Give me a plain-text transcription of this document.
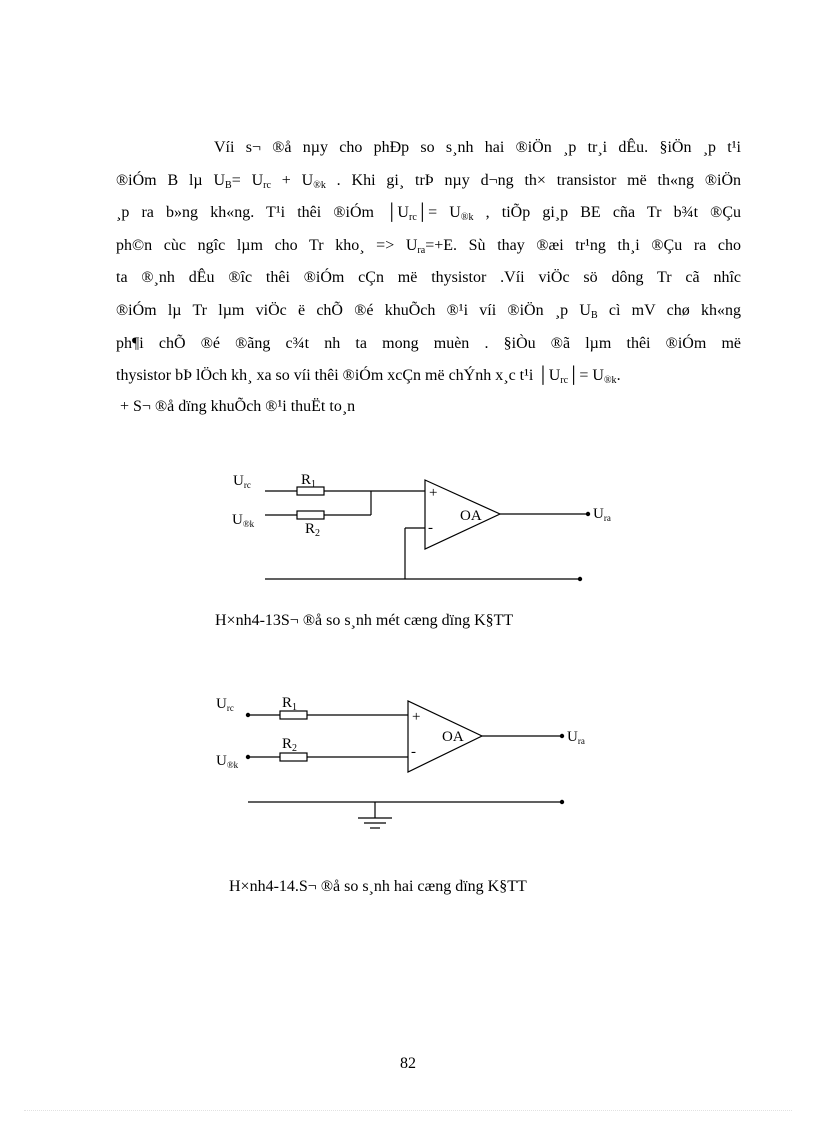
Víi s¬ ®å nµy cho phÐp so s¸nh hai ®iÖn ¸p tr¸i dÊu. §iÖn ¸p t¹i
®iÓm B lµ $U_B= U_{rc} + U_{®k}$ . Khi gi¸ trÞ nµy d¬ng th× transistor më th«ng ®iÖn
¸p ra b»ng kh«ng. T¹i thêi ®iÓm $│U_{rc}│= U_{®k}$ , tiÕp gi¸p BE cña Tr b¾t ®Çu
ph©n cùc ngîc lµm cho Tr kho¸ => $U_{ra}=+E$. Sù thay ®æi tr¹ng th¸i ®Çu ra cho
ta ®¸nh dÊu ®îc thêi ®iÓm cÇn më thysistor .Víi viÖc sö dông Tr cã nhîc
®iÓm lµ Tr lµm viÖc ë chÕ ®é khuÕch ®¹i víi ®iÖn ¸p $U_B$ cì mV chø kh«ng
ph¶i chÕ ®é ®ãng c¾t nh ta mong muèn . §iÒu ®ã lµm thêi ®iÓm më
thysistor bÞ lÖch kh¸ xa so víi thêi ®iÓm xcÇn më chÝnh x¸c t¹i $│U_{rc}│= U_{®k}$.

+ S¬ ®å dïng khuÕch ®¹i thuËt to¸n

$U_{rc}$
$U_{®k}$
$R_1$
$R_2$
+
-
OA	$U_{ra}$
H×nh4-13S¬ ®å so s¸nh mét cæng dïng K§TT
$U_{rc}$
$U_{®k}$
$R_1$
$R_2$
+
-
OA	$U_{ra}$
H×nh4-14.S¬ ®å so s¸nh hai cæng dïng K§TT
82
